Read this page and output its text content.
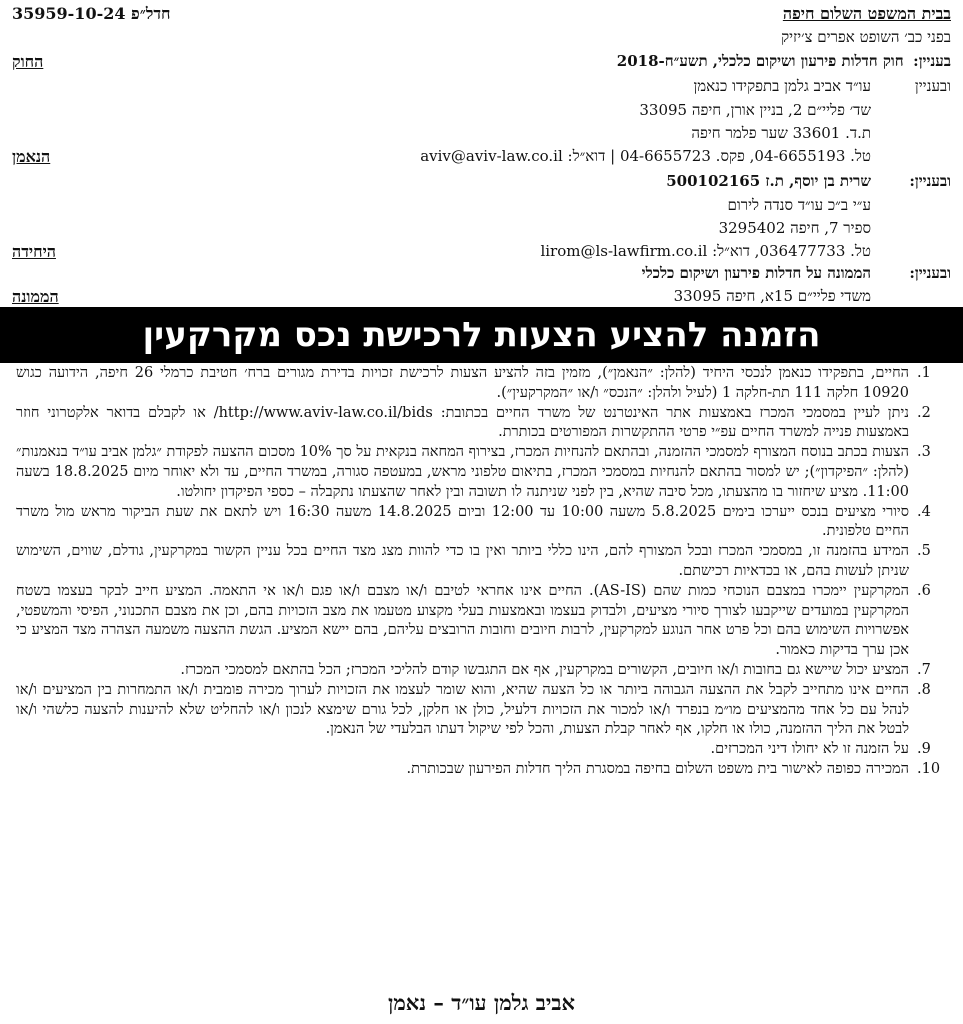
בבית המשפט השלום חיפה
חדל״פ 35959-10-24
בפני כב׳ השופט אפרים צ׳יזיק
בעניין:  חוק חדלות פירעון ושיקום כלכלי, תשע״ח-2018
החוק
ובעניין
עו״ד אביב גלמן בתפקידו כנאמן
שד׳ פליי״ם 2, בניין אורן, חיפה 33095
ת.ד. 33601 שער פלמר חיפה
טל. 04-6655193, פקס. 04-6655723 | דוא״ל: aviv@aviv-law.co.il
הנאמן
ובעניין:
שרית בן יוסף, ת.ז 500102165
ע״י ב״כ עו״ד סנדה לירום
ספיר 7, חיפה 3295402
טל. 036477733, דוא״ל: lirom@ls-lawfirm.co.il
היחידה
ובעניין:
הממונה על חדלות פירעון ושיקום כלכלי
משדי פליי״ם 15א, חיפה 33095
הממונה
הזמנה להציע הצעות לרכישת נכס מקרקעין
.1
החיים, בתפקידו כנאמן לנכסי היחיד (להלן: ״הנאמן״), מזמין בזה להציע הצעות לרכישת זכויות בדירת מגורים ברח׳ חטיבת כרמלי 26 חיפה, הידועה כגוש 10920 חלקה 111 תת-חלקה 1 (לעיל ולהלן: ״הנכס״ ו/או ״המקרקעין״).
.2
ניתן לעיין במסמכי המכרז באמצעות אתר האינטרנט של משרד החיים בכתובת: http://www.aviv-law.co.il/bids/ או לקבלם בדואר אלקטרוני חוזר באמצעות פנייה למשרד החיים עפ״י פרטי ההתקשרות המפורטים בכותרת.
.3
הצעות בכתב בנוסח המצורף למסמכי ההזמנה, ובהתאם להנחיות המכרז, בצירוף המחאה בנקאית על סך 10% מסכום ההצעה לפקודת ״גלמן אביב עו״ד בנאמנות״ (להלן: ״הפיקדון״); יש למסור בהתאם להנחיות במסמכי המכרז, בתיאום טלפוני מראש, במעטפה סגורה, במשרד החיים, עד ולא יאוחר מיום 18.8.2025 בשעה 11:00. מציע שיחזור בו מהצעתו, מכל סיבה שהיא, בין לפני שניתנה לו תשובה ובין לאחר שהצעתו נתקבלה – כספי הפיקדון יחולטו.
.4
סיורי מציעים בנכס ייערכו בימים 5.8.2025 משעה 10:00 עד 12:00 וביום 14.8.2025 משעה 16:30 ויש לתאם את שעת הביקור מראש מול משרד החיים טלפונית.
.5
המידע בהזמנה זו, במסמכי המכרז ובכל המצורף להם, הינו כללי ביותר ואין בו כדי להוות מצג מצד החיים בכל עניין הקשור במקרקעין, גודלם, שווים, השימוש שניתן לעשות בהם, או בכדאיות רכישתם.
.6
המקרקעין יימכרו במצבם הנוכחי כמות שהם (AS-IS). החיים אינו אחראי לטיבם ו/או מצבם ו/או פגם ו/או אי התאמה. המציע חייב לבקר בעצמו בשטח המקרקעין במועדים שייקבעו לצורך סיורי מציעים, ולבדוק בעצמו ובאמצעות בעלי מקצוע מטעמו את מצב הזכויות בהם, וכן את מצבם התכנוני, הפיסי והמשפטי, אפשרויות השימוש בהם וכל פרט אחר הנוגע למקרקעין, לרבות חיובים וחובות הרובצים עליהם, בהם יישא המציע. הגשת ההצעה משמעה הצהרה מצד המציע כי אכן ערך בדיקות כאמור.
.7
המציע יכול שיישא גם בחובות ו/או חיובים, הקשורים במקרקעין, אף אם התגבשו קודם להליכי המכרז; הכל בהתאם למסמכי המכרז.
.8
החיים אינו מתחייב לקבל את ההצעה הגבוהה ביותר או כל הצעה שהיא, והוא שומר לעצמו את הזכויות לערוך מכירה פומבית ו/או התמחרות בין המציעים ו/או לנהל עם כל אחד מהמציעים מו״מ בנפרד ו/או למכור את הזכויות דלעיל, כולן או חלקן, לכל גורם שימצא לנכון ו/או להחליט שלא להיענות להצעה כלשהי ו/או לבטל את הליך ההזמנה, כולו או חלקו, אף לאחר קבלת הצעות, והכל לפי שיקול דעתו הבלעדי של הנאמן.
.9
על הזמנה זו לא יחולו דיני המכרזים.
.10
המכירה כפופה לאישור בית משפט השלום בחיפה במסגרת הליך חדלות הפירעון שבכותרת.
אביב גלמן עו״ד – נאמן
